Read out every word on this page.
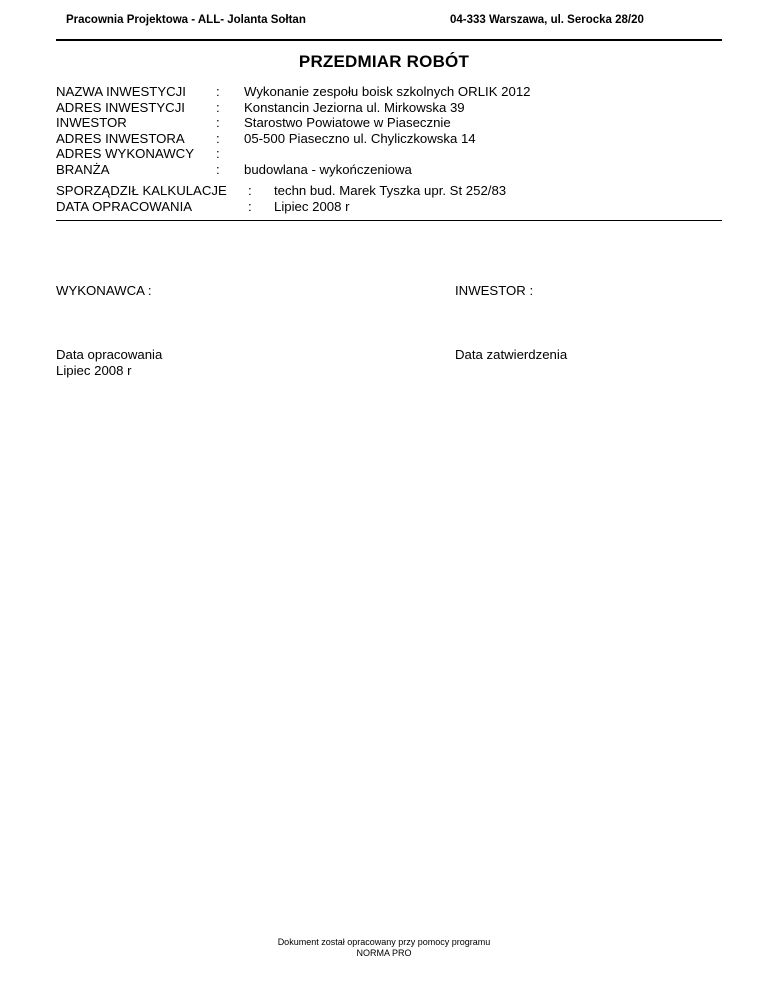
Pracownia Projektowa - ALL- Jolanta Sołtan	04-333 Warszawa, ul. Serocka 28/20
PRZEDMIAR ROBÓT
NAZWA INWESTYCJI : Wykonanie zespołu boisk szkolnych ORLIK 2012
ADRES INWESTYCJI : Konstancin Jeziorna ul. Mirkowska 39
INWESTOR	: Starostwo Powiatowe w Piasecznie
ADRES INWESTORA : 05-500 Piaseczno ul. Chyliczkowska 14
ADRES WYKONAWCY :
BRANŻA	: budowlana - wykończeniowa
SPORZĄDZIŁ KALKULACJE : techn bud. Marek Tyszka upr. St 252/83
DATA OPRACOWANIA	: Lipiec 2008 r
WYKONAWCA :	INWESTOR :
Data opracowania
Lipiec 2008 r
Data zatwierdzenia
Dokument został opracowany przy pomocy programu
NORMA PRO
